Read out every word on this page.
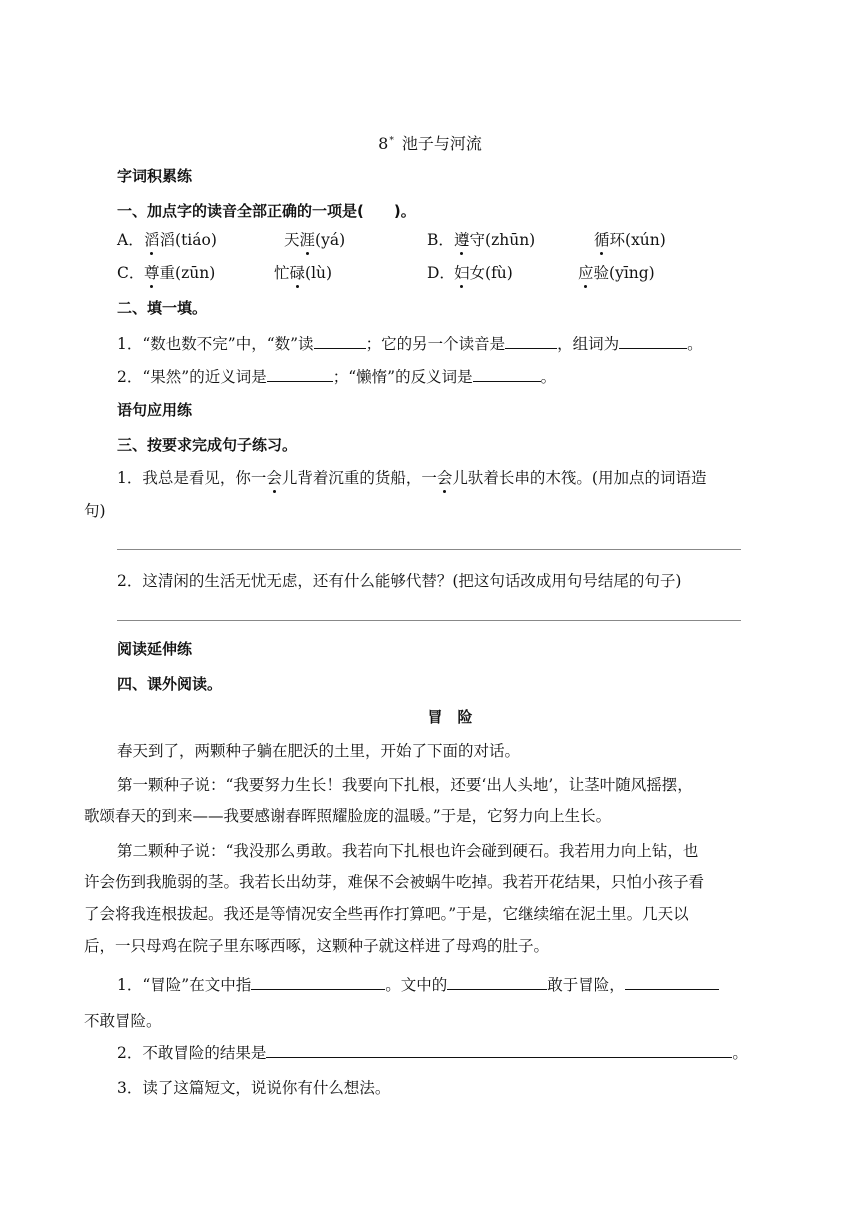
8* 池子与河流
字词积累练
一、加点字的读音全部正确的一项是(　　)。
A． 滔滔(tiáo)	天涯(yá)	B． 遵守(zhūn)	循环(xún)
C． 尊重(zūn)	忙碌(lù)	D． 妇女(fù)	应验(yīng)
二、填一填。
1．“数也数不完”中，“数”读	；它的另一个读音是	，组词为	。
2．“果然”的近义词是	；“懒惰”的反义词是	。
语句应用练
三、按要求完成句子练习。
1．我总是看见，你一会儿背着沉重的货船，一会儿驮着长串的木筏。(用加点的词语造
句)
2．这清闲的生活无忧无虑，还有什么能够代替？(把这句话改成用句号结尾的句子)
阅读延伸练
四、课外阅读。
冒　险
春天到了，两颗种子躺在肥沃的土里，开始了下面的对话。
第一颗种子说：“我要努力生长！我要向下扎根，还要‘出人头地’，让茎叶随风摇摆，
歌颂春天的到来——我要感谢春晖照耀脸庞的温暖。”于是，它努力向上生长。
第二颗种子说：“我没那么勇敢。我若向下扎根也许会碰到硬石。我若用力向上钻，也
许会伤到我脆弱的茎。我若长出幼芽，难保不会被蜗牛吃掉。我若开花结果，只怕小孩子看
了会将我连根拔起。我还是等情况安全些再作打算吧。”于是，它继续缩在泥土里。几天以
后，一只母鸡在院子里东啄西啄，这颗种子就这样进了母鸡的肚子。
1．“冒险”在文中指	。文中的	敢于冒险，
不敢冒险。
2．不敢冒险的结果是	。
3．读了这篇短文，说说你有什么想法。
